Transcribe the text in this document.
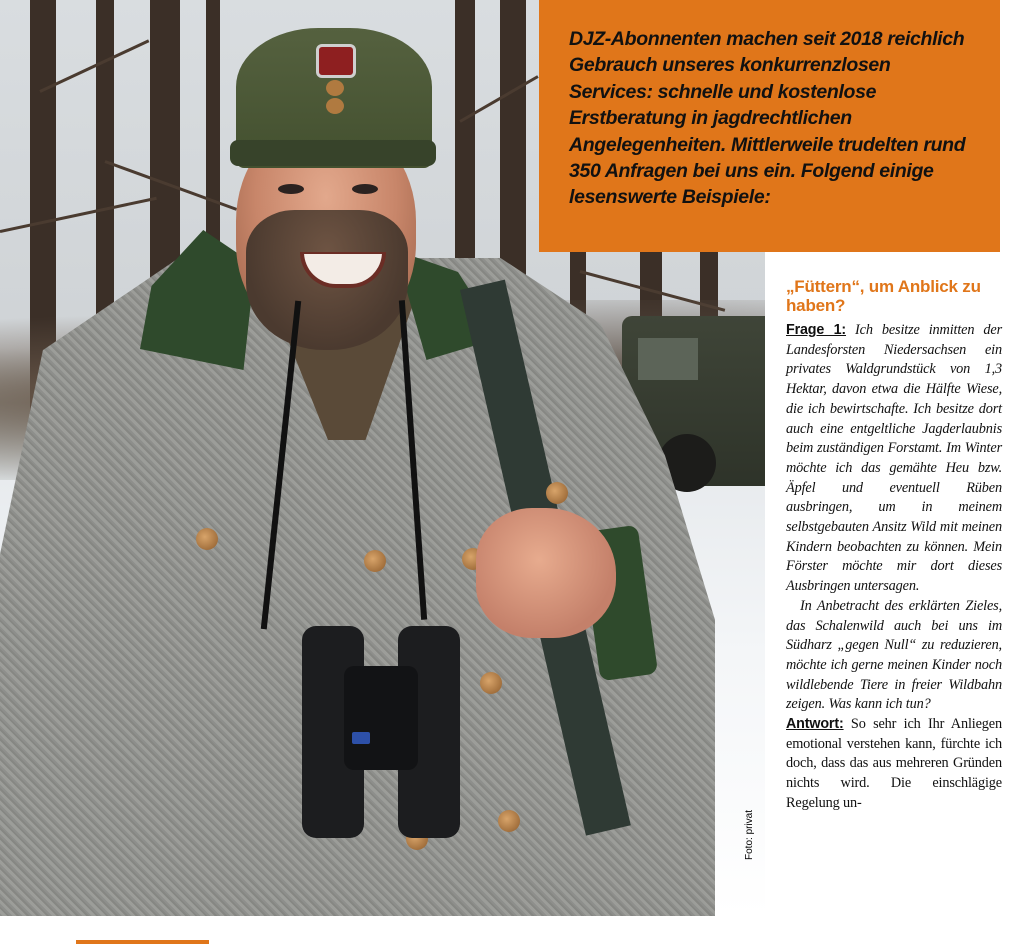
Foto: privat

DJZ-Abonnenten machen seit 2018 reichlich Gebrauch unseres konkurrenzlosen Services: schnelle und kostenlose Erstberatung in jagdrechtlichen Angelegenheiten. Mittlerweile trudelten rund 350 Anfragen bei uns ein. Folgend einige lesenswerte Beispiele:

„Füttern“, um Anblick zu haben?

Frage 1: Ich besitze inmitten der Landesforsten Niedersachsen ein privates Waldgrundstück von 1,3 Hektar, davon etwa die Hälfte Wiese, die ich bewirtschafte. Ich besitze dort auch eine entgeltliche Jagderlaubnis beim zuständigen Forstamt. Im Winter möchte ich das gemähte Heu bzw. Äpfel und eventuell Rüben ausbringen, um in meinem selbstgebauten Ansitz Wild mit meinen Kindern beobachten zu können. Mein Förster möchte mir dort dieses Ausbringen untersagen.

In Anbetracht des erklärten Zieles, das Schalenwild auch bei uns im Südharz „gegen Null“ zu reduzieren, möchte ich gerne meinen Kinder noch wildlebende Tiere in freier Wildbahn zeigen. Was kann ich tun?

Antwort: So sehr ich Ihr Anliegen emotional verstehen kann, fürchte ich doch, dass das aus mehreren Gründen nichts wird. Die einschlägige Regelung un-
